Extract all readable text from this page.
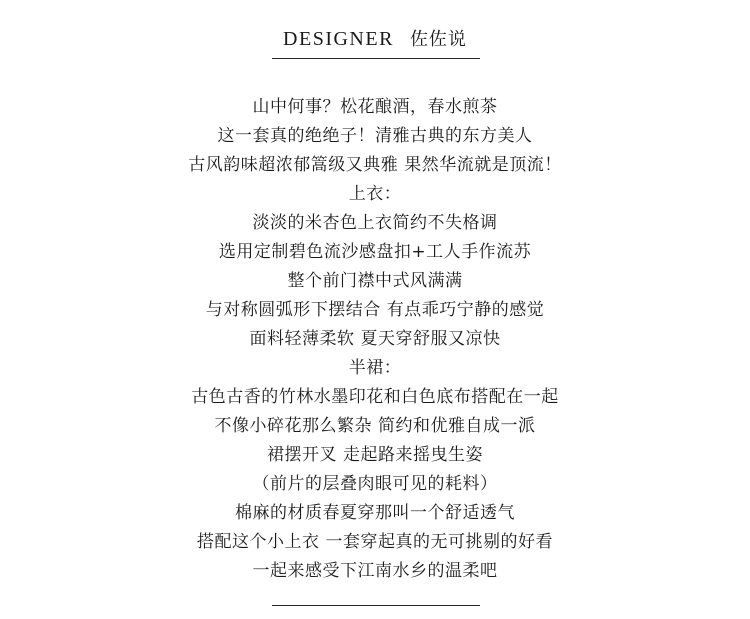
DESIGNER 佐佐说
山中何事？松花酿酒，春水煎茶
这一套真的绝绝子！清雅古典的东方美人
古风韵味超浓郁篙级又典雅 果然华流就是顶流！
上衣：
淡淡的米杏色上衣简约不失格调
选用定制碧色流沙感盘扣+工人手作流苏
整个前门襟中式风满满
与对称圆弧形下摆结合 有点乖巧宁静的感觉
面料轻薄柔软 夏天穿舒服又凉快
半裙：
古色古香的竹林水墨印花和白色底布搭配在一起
不像小碎花那么繁杂 简约和优雅自成一派
裙摆开叉 走起路来摇曳生姿
（前片的层叠肉眼可见的耗料）
棉麻的材质春夏穿那叫一个舒适透气
搭配这个小上衣 一套穿起真的无可挑剔的好看
一起来感受下江南水乡的温柔吧
